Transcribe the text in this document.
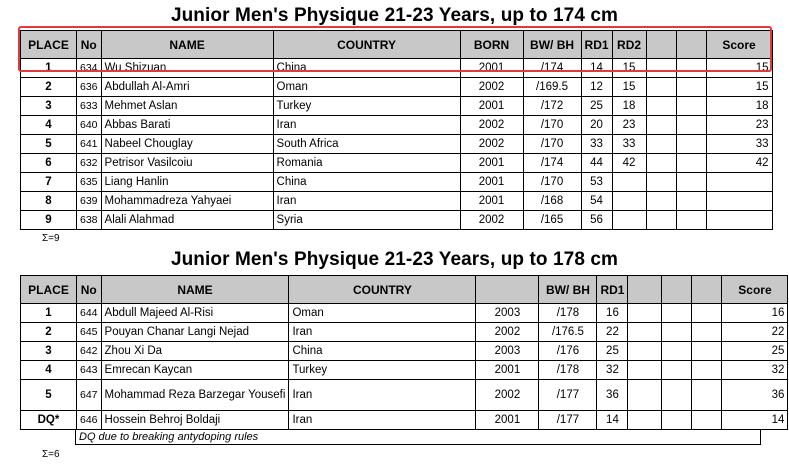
Junior Men's Physique 21-23 Years, up to 174 cm
PLACE	No	NAME	COUNTRY	BORN	BW/ BH	RD1	RD2			Score
1	634	Wu Shizuan	China	2001	/174	14	15			15
2	636	Abdullah Al-Amri	Oman	2002	/169.5	12	15			15
3	633	Mehmet Aslan	Turkey	2001	/172	25	18			18
4	640	Abbas Barati	Iran	2002	/170	20	23			23
5	641	Nabeel Chouglay	South Africa	2002	/170	33	33			33
6	632	Petrisor Vasilcoiu	Romania	2001	/174	44	42			42
7	635	Liang Hanlin	China	2001	/170	53				
8	639	Mohammadreza Yahyaei	Iran	2001	/168	54				
9	638	Alali Alahmad	Syria	2002	/165	56				
Σ=9
Junior Men's Physique 21-23 Years, up to 178 cm
PLACE	No	NAME	COUNTRY		BW/ BH	RD1				Score
1	644	Abdull Majeed Al-Risi	Oman	2003	/178	16				16
2	645	Pouyan Chanar Langi Nejad	Iran	2002	/176.5	22				22
3	642	Zhou Xi Da	China	2003	/176	25				25
4	643	Emrecan Kaycan	Turkey	2001	/178	32				32
5	647	Mohammad Reza Barzegar Yousefi	Iran	2002	/177	36				36
DQ*	646	Hossein Behroj Boldaji	Iran	2001	/177	14				14
DQ due to breaking antydoping rules
Σ=6
